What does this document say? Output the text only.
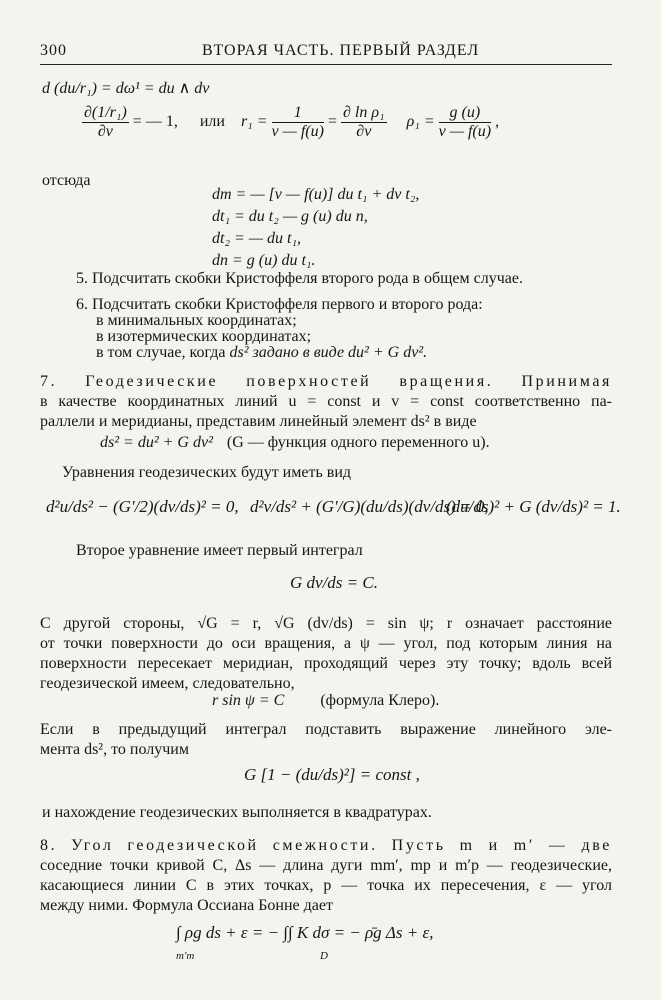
300	ВТОРАЯ ЧАСТЬ. ПЕРВЫЙ РАЗДЕЛ
d (du/r₁) = dω¹ = du ∧ dv
$\frac{\text{∂(1/r₁)}}{\partial v}$ = — 1, или $r_1 = \frac{1}{v — f(u)} = \frac{\text{∂ ln ρ₁}}{\partial v} \rho_1 = \frac{g (u)}{v — f(u)}$ ,
отсюда
dm = — [v — f(u)] du t₁ + dv t₂,
dt₁ = du t₂ — g (u) du n,
dt₂ = — du t₁,
dn = g (u) du t₁.
5. Подсчитать скобки Кристоффеля второго рода в общем случае.
6. Подсчитать скобки Кристоффеля первого и второго рода:
в минимальных координатах;
в изотермических координатах;
в том случае, когда ds² задано в виде du² + G dv².
7. Геодезические поверхностей вращения. Принимая
в качестве координатных линий u = const и v = const соответственно па-
раллели и меридианы, представим линейный элемент ds² в виде
ds² = du² + G dv² (G — функция одного переменного u).
Уравнения геодезических будут иметь вид
d²u/ds² − (G′/2)(dv/ds)² = 0, d²v/ds² + (G′/G)(du/ds)(dv/ds) = 0,
(du/ds)² + G (dv/ds)² = 1.
Второе уравнение имеет первый интеграл
G dv/ds = C.
С другой стороны, √G = r, √G (dv/ds) = sin ψ; r означает расстояние
от точки поверхности до оси вращения, а ψ — угол, под которым линия на
поверхности пересекает меридиан, проходящий через эту точку; вдоль всей
геодезической имеем, следовательно,
r sin ψ = C (формула Клеро).
Если в предыдущий интеграл подставить выражение линейного эле-
мента ds², то получим
G [1 − (du/ds)²] = const ,
и нахождение геодезических выполняется в квадратурах.
8. Угол геодезической смежности. Пусть m и m′ — две
соседние точки кривой C, Δs — длина дуги mm′, mp и m′p — геодезические,
касающиеся линии C в этих точках, p — точка их пересечения, ε — угол
между ними. Формула Оссиана Бонне дает
∫ ρg ds + ε = − ∫∫ K dσ = − ρ̄g Δs + ε,
m′m	D
